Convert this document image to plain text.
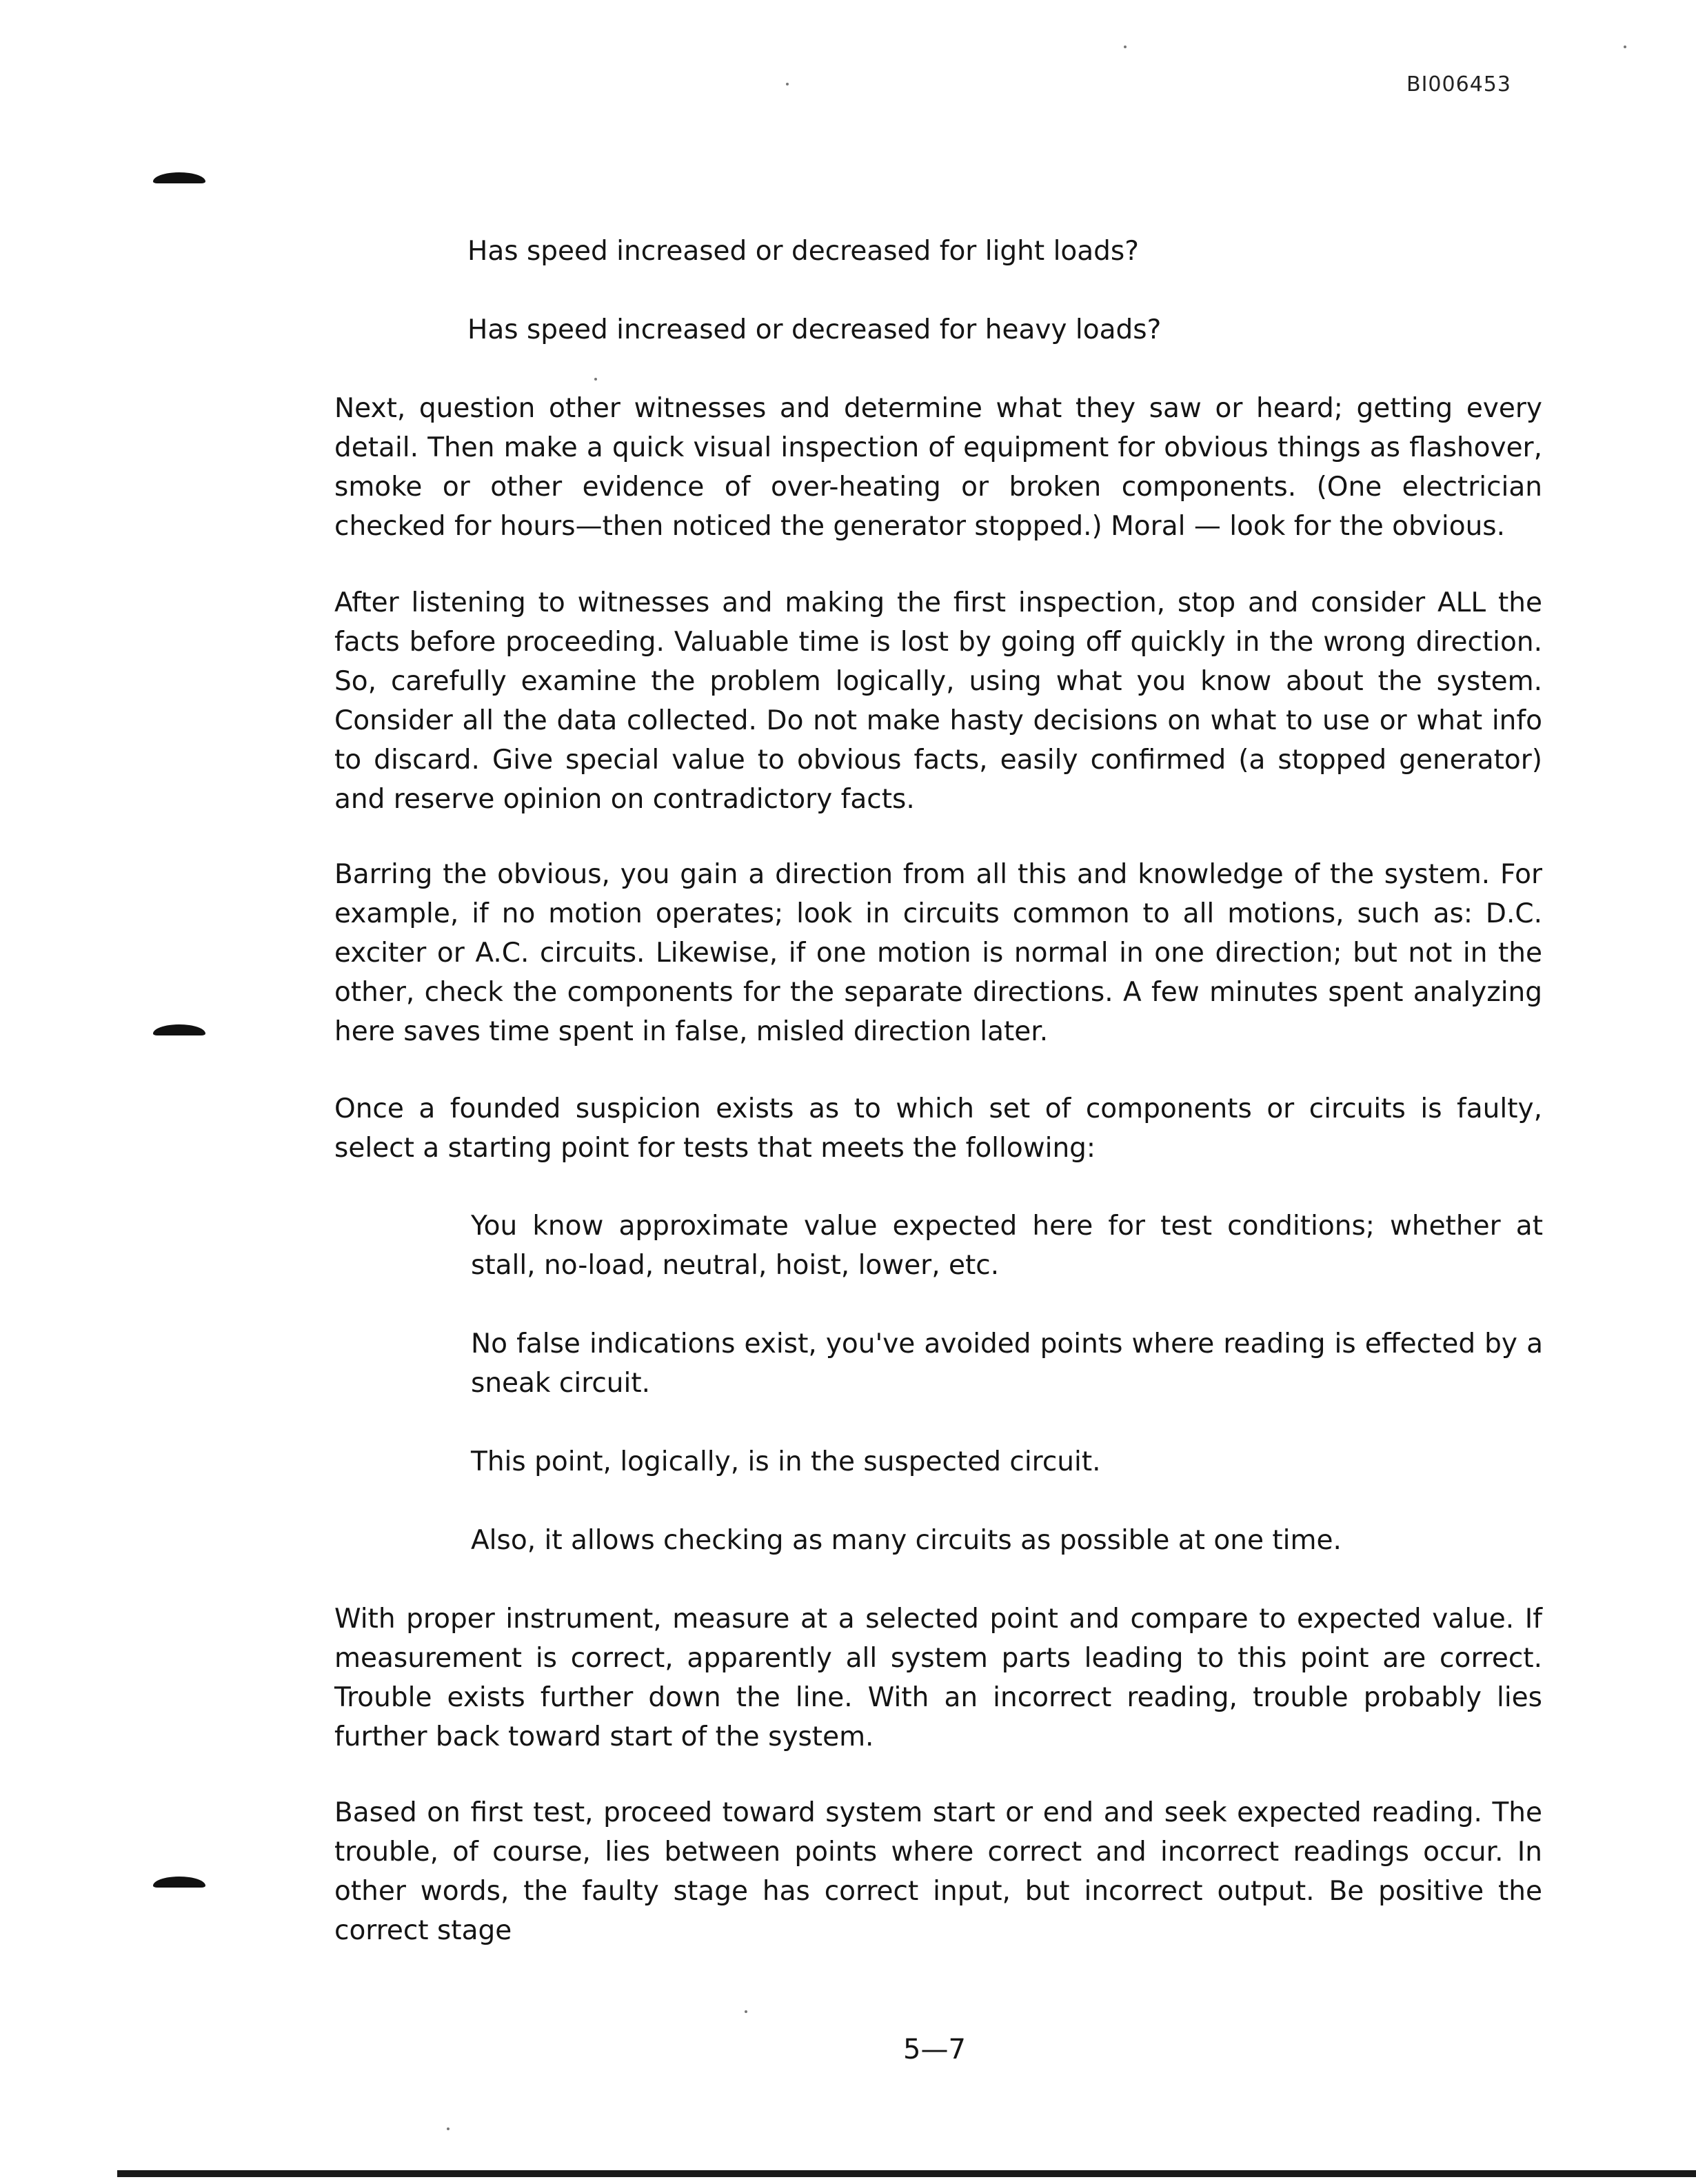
BI006453

Has speed increased or decreased for light loads?

Has speed increased or decreased for heavy loads?

Next, question other witnesses and determine what they saw or heard; getting every detail. Then make a quick visual inspection of equipment for obvious things as flashover, smoke or other evidence of over-heating or broken components. (One electrician checked for hours—then noticed the generator stopped.) Moral — look for the obvious.

After listening to witnesses and making the first inspection, stop and consider ALL the facts before proceeding. Valuable time is lost by going off quickly in the wrong direction. So, carefully examine the problem logically, using what you know about the system. Consider all the data collected. Do not make hasty decisions on what to use or what info to discard. Give special value to obvious facts, easily confirmed (a stopped generator) and reserve opinion on contradictory facts.

Barring the obvious, you gain a direction from all this and knowledge of the system. For example, if no motion operates; look in circuits common to all motions, such as: D.C. exciter or A.C. circuits. Likewise, if one motion is normal in one direction; but not in the other, check the components for the separate directions. A few minutes spent analyzing here saves time spent in false, misled direction later.

Once a founded suspicion exists as to which set of components or circuits is faulty, select a starting point for tests that meets the following:

You know approximate value expected here for test conditions; whether at stall, no-load, neutral, hoist, lower, etc.

No false indications exist, you've avoided points where reading is effected by a sneak circuit.

This point, logically, is in the suspected circuit.

Also, it allows checking as many circuits as possible at one time.

With proper instrument, measure at a selected point and compare to expected value. If measurement is correct, apparently all system parts leading to this point are correct. Trouble exists further down the line. With an incorrect reading, trouble probably lies further back toward start of the system.

Based on first test, proceed toward system start or end and seek expected reading. The trouble, of course, lies between points where correct and incorrect readings occur. In other words, the faulty stage has correct input, but incorrect output. Be positive the correct stage

5—7
